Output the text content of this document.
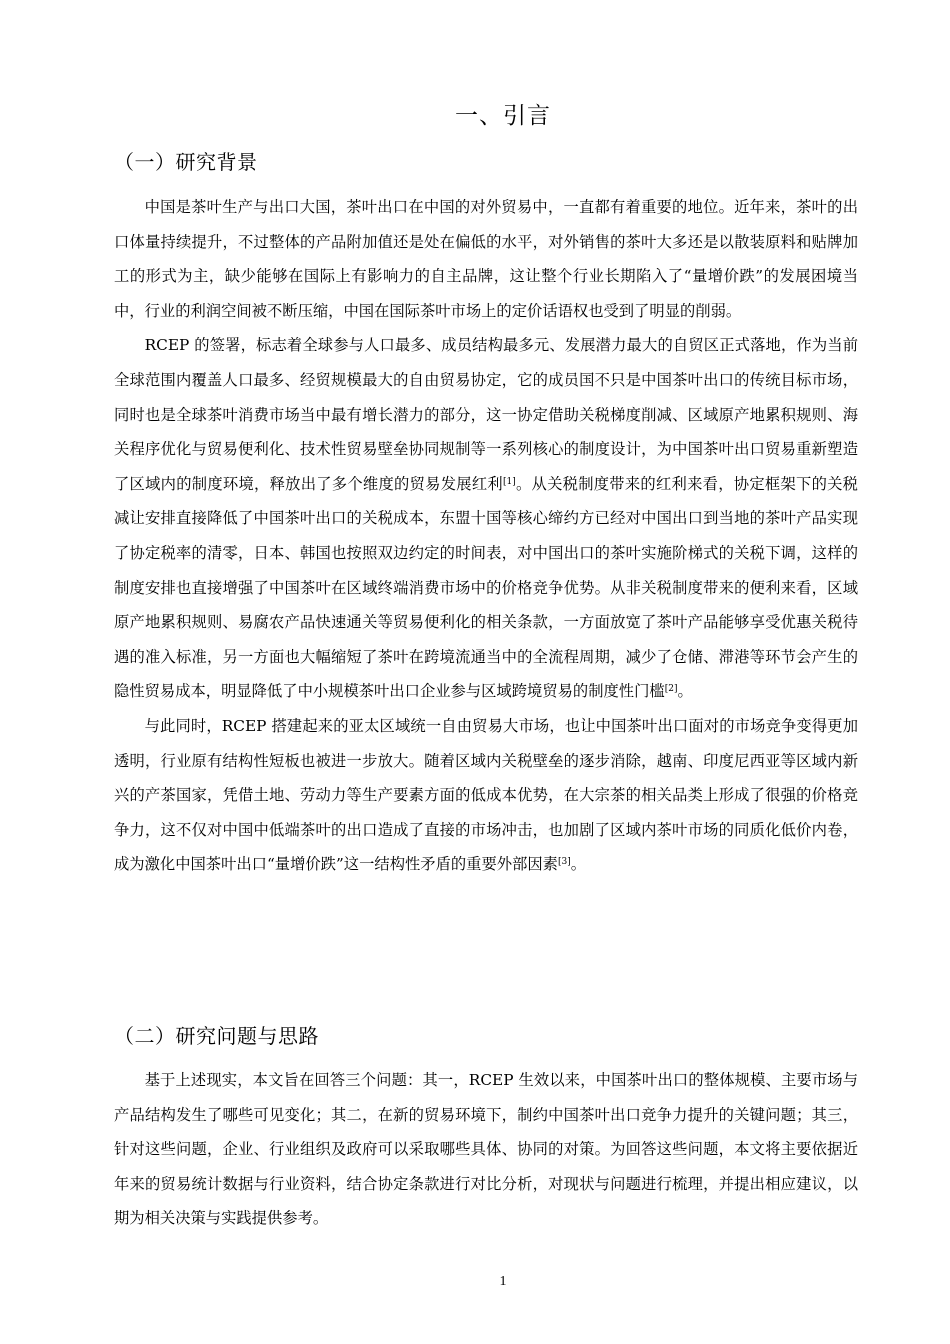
一、引言
（一）研究背景

中国是茶叶生产与出口大国，茶叶出口在中国的对外贸易中，一直都有着重要的地位。近年来，茶叶的出口体量持续提升，不过整体的产品附加值还是处在偏低的水平，对外销售的茶叶大多还是以散装原料和贴牌加工的形式为主，缺少能够在国际上有影响力的自主品牌，这让整个行业长期陷入了“量增价跌”的发展困境当中，行业的利润空间被不断压缩，中国在国际茶叶市场上的定价话语权也受到了明显的削弱。

RCEP 的签署，标志着全球参与人口最多、成员结构最多元、发展潜力最大的自贸区正式落地，作为当前全球范围内覆盖人口最多、经贸规模最大的自由贸易协定，它的成员国不只是中国茶叶出口的传统目标市场，同时也是全球茶叶消费市场当中最有增长潜力的部分，这一协定借助关税梯度削减、区域原产地累积规则、海关程序优化与贸易便利化、技术性贸易壁垒协同规制等一系列核心的制度设计，为中国茶叶出口贸易重新塑造了区域内的制度环境，释放出了多个维度的贸易发展红利[1]。从关税制度带来的红利来看，协定框架下的关税减让安排直接降低了中国茶叶出口的关税成本，东盟十国等核心缔约方已经对中国出口到当地的茶叶产品实现了协定税率的清零，日本、韩国也按照双边约定的时间表，对中国出口的茶叶实施阶梯式的关税下调，这样的制度安排也直接增强了中国茶叶在区域终端消费市场中的价格竞争优势。从非关税制度带来的便利来看，区域原产地累积规则、易腐农产品快速通关等贸易便利化的相关条款，一方面放宽了茶叶产品能够享受优惠关税待遇的准入标准，另一方面也大幅缩短了茶叶在跨境流通当中的全流程周期，减少了仓储、滞港等环节会产生的隐性贸易成本，明显降低了中小规模茶叶出口企业参与区域跨境贸易的制度性门槛[2]。

与此同时，RCEP 搭建起来的亚太区域统一自由贸易大市场，也让中国茶叶出口面对的市场竞争变得更加透明，行业原有结构性短板也被进一步放大。随着区域内关税壁垒的逐步消除，越南、印度尼西亚等区域内新兴的产茶国家，凭借土地、劳动力等生产要素方面的低成本优势，在大宗茶的相关品类上形成了很强的价格竞争力，这不仅对中国中低端茶叶的出口造成了直接的市场冲击，也加剧了区域内茶叶市场的同质化低价内卷，成为激化中国茶叶出口“量增价跌”这一结构性矛盾的重要外部因素[3]。

（二）研究问题与思路

基于上述现实，本文旨在回答三个问题：其一，RCEP 生效以来，中国茶叶出口的整体规模、主要市场与产品结构发生了哪些可见变化；其二，在新的贸易环境下，制约中国茶叶出口竞争力提升的关键问题；其三，针对这些问题，企业、行业组织及政府可以采取哪些具体、协同的对策。为回答这些问题，本文将主要依据近年来的贸易统计数据与行业资料，结合协定条款进行对比分析，对现状与问题进行梳理，并提出相应建议，以期为相关决策与实践提供参考。

1
